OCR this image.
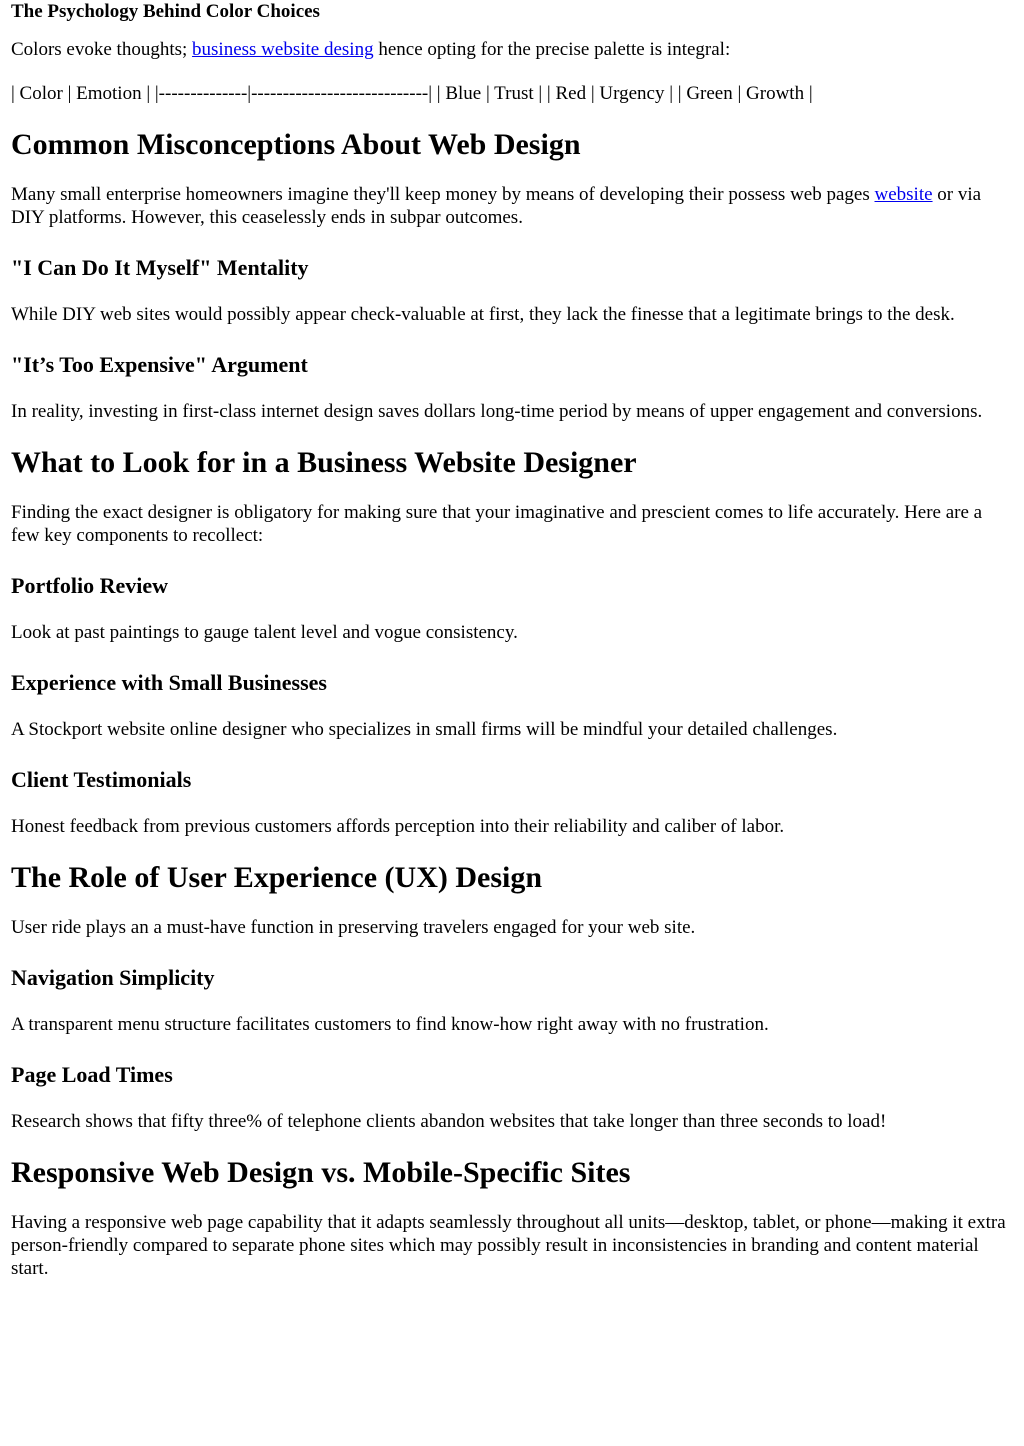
The Psychology Behind Color Choices

Colors evoke thoughts; business website desing hence opting for the precise palette is integral:

| Color | Emotion | |--------------|----------------------------| | Blue | Trust | | Red | Urgency | | Green | Growth |

Common Misconceptions About Web Design

Many small enterprise homeowners imagine they'll keep money by means of developing their possess web pages website or via DIY platforms. However, this ceaselessly ends in subpar outcomes.

"I Can Do It Myself" Mentality

While DIY web sites would possibly appear check-valuable at first, they lack the finesse that a legitimate brings to the desk.

"It’s Too Expensive" Argument

In reality, investing in first-class internet design saves dollars long-time period by means of upper engagement and conversions.

What to Look for in a Business Website Designer

Finding the exact designer is obligatory for making sure that your imaginative and prescient comes to life accurately. Here are a few key components to recollect:

Portfolio Review

Look at past paintings to gauge talent level and vogue consistency.

Experience with Small Businesses

A Stockport website online designer who specializes in small firms will be mindful your detailed challenges.

Client Testimonials

Honest feedback from previous customers affords perception into their reliability and caliber of labor.

The Role of User Experience (UX) Design

User ride plays an a must-have function in preserving travelers engaged for your web site.

Navigation Simplicity

A transparent menu structure facilitates customers to find know-how right away with no frustration.

Page Load Times

Research shows that fifty three% of telephone clients abandon websites that take longer than three seconds to load!

Responsive Web Design vs. Mobile-Specific Sites

Having a responsive web page capability that it adapts seamlessly throughout all units—desktop, tablet, or phone—making it extra person-friendly compared to separate phone sites which may possibly result in inconsistencies in branding and content material start.
